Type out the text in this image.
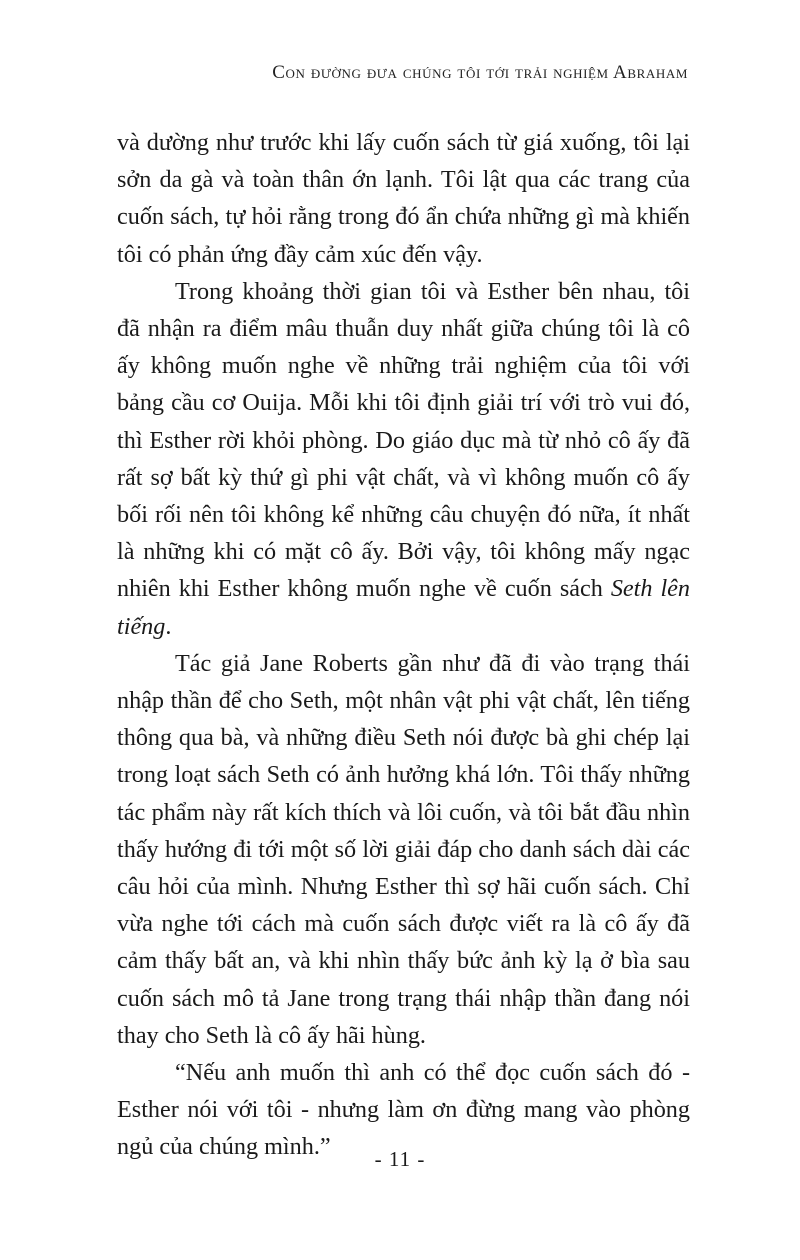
Con đường đưa chúng tôi tới trải nghiệm Abraham

và dường như trước khi lấy cuốn sách từ giá xuống, tôi lại sởn da gà và toàn thân ớn lạnh. Tôi lật qua các trang của cuốn sách, tự hỏi rằng trong đó ẩn chứa những gì mà khiến tôi có phản ứng đầy cảm xúc đến vậy.

Trong khoảng thời gian tôi và Esther bên nhau, tôi đã nhận ra điểm mâu thuẫn duy nhất giữa chúng tôi là cô ấy không muốn nghe về những trải nghiệm của tôi với bảng cầu cơ Ouija. Mỗi khi tôi định giải trí với trò vui đó, thì Esther rời khỏi phòng. Do giáo dục mà từ nhỏ cô ấy đã rất sợ bất kỳ thứ gì phi vật chất, và vì không muốn cô ấy bối rối nên tôi không kể những câu chuyện đó nữa, ít nhất là những khi có mặt cô ấy. Bởi vậy, tôi không mấy ngạc nhiên khi Esther không muốn nghe về cuốn sách Seth lên tiếng.

Tác giả Jane Roberts gần như đã đi vào trạng thái nhập thần để cho Seth, một nhân vật phi vật chất, lên tiếng thông qua bà, và những điều Seth nói được bà ghi chép lại trong loạt sách Seth có ảnh hưởng khá lớn. Tôi thấy những tác phẩm này rất kích thích và lôi cuốn, và tôi bắt đầu nhìn thấy hướng đi tới một số lời giải đáp cho danh sách dài các câu hỏi của mình. Nhưng Esther thì sợ hãi cuốn sách. Chỉ vừa nghe tới cách mà cuốn sách được viết ra là cô ấy đã cảm thấy bất an, và khi nhìn thấy bức ảnh kỳ lạ ở bìa sau cuốn sách mô tả Jane trong trạng thái nhập thần đang nói thay cho Seth là cô ấy hãi hùng.

“Nếu anh muốn thì anh có thể đọc cuốn sách đó - Esther nói với tôi - nhưng làm ơn đừng mang vào phòng ngủ của chúng mình.”	- 11 -
